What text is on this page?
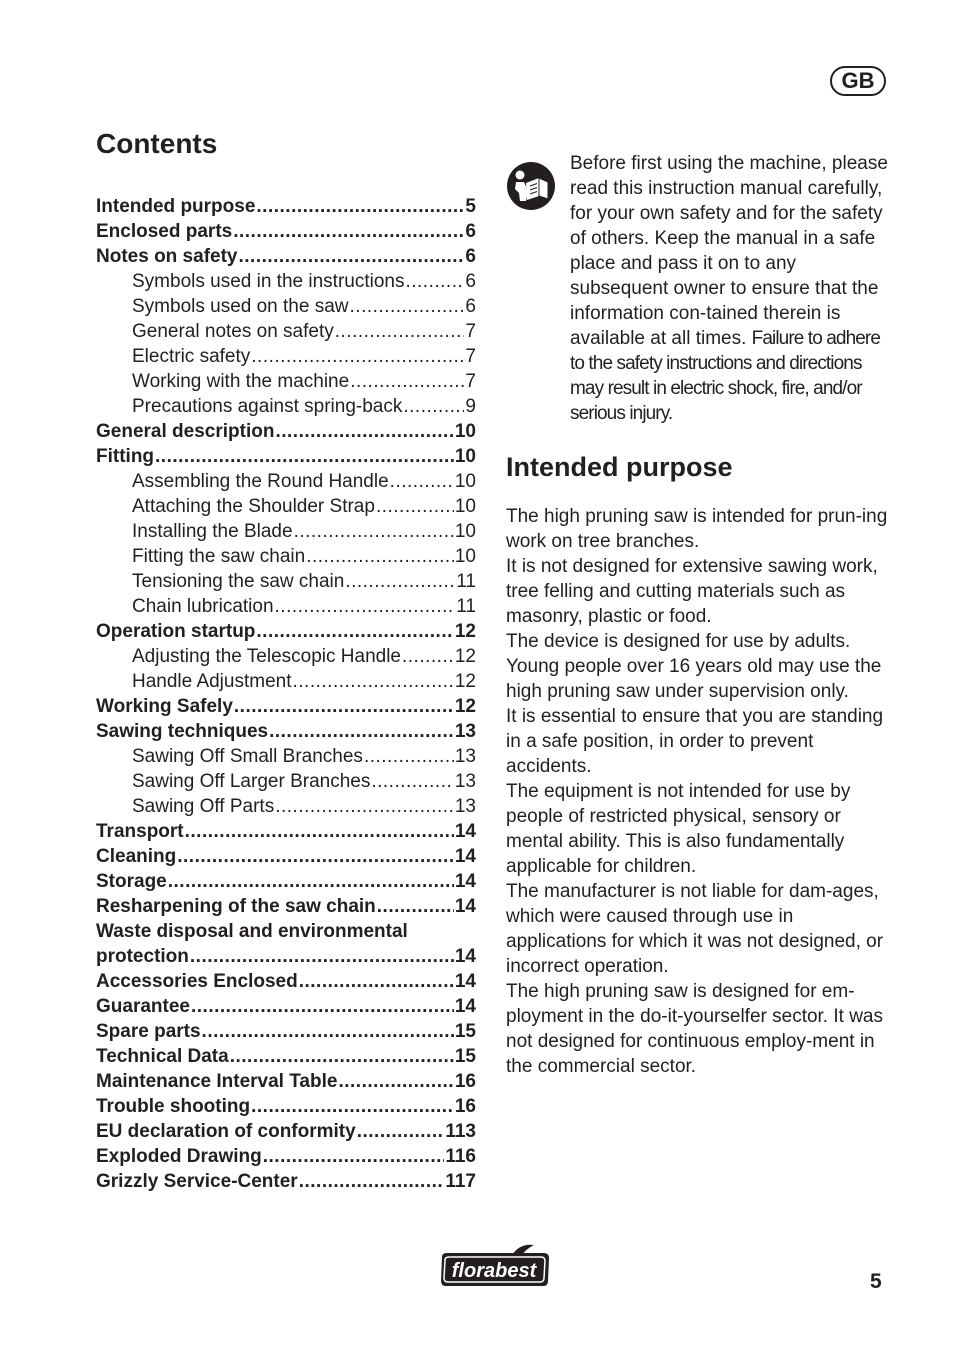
GB
Contents
Intended purpose .....	5
Enclosed parts .....	6
Notes on safety .....	6
Symbols used in the instructions .....	6
Symbols used on the saw .....	6
General notes on safety .....	7
Electric safety .....	7
Working with the machine .....	7
Precautions against spring-back .....	9
General description .....	10
Fitting .....	10
Assembling the Round Handle .....	10
Attaching the Shoulder Strap .....	10
Installing the Blade .....	10
Fitting the saw chain .....	10
Tensioning the saw chain .....	11
Chain lubrication .....	11
Operation startup .....	12
Adjusting the Telescopic Handle .....	12
Handle Adjustment .....	12
Working Safely .....	12
Sawing techniques .....	13
Sawing Off Small Branches .....	13
Sawing Off Larger Branches .....	13
Sawing Off Parts .....	13
Transport .....	14
Cleaning .....	14
Storage .....	14
Resharpening of the saw chain .....	14
Waste disposal and environmental
protection .....	14
Accessories Enclosed .....	14
Guarantee .....	14
Spare parts .....	15
Technical Data .....	15
Maintenance Interval Table .....	16
Trouble shooting .....	16
EU declaration of conformity .....	113
Exploded Drawing .....	116
Grizzly Service-Center .....	117

Before first using the machine, please read this instruction manual carefully, for your own safety and for the safety of others. Keep the manual in a safe place and pass it on to any subsequent owner to ensure that the information con-tained therein is available at all times. Failure to adhere to the safety instructions and directions may result in electric shock, fire, and/or serious injury.

Intended purpose

The high pruning saw is intended for prun-ing work on tree branches.

It is not designed for extensive sawing work, tree felling and cutting materials such as masonry, plastic or food.

The device is designed for use by adults. Young people over 16 years old may use the high pruning saw under supervision only.

It is essential to ensure that you are standing in a safe position, in order to prevent accidents.

The equipment is not intended for use by people of restricted physical, sensory or mental ability. This is also fundamentally applicable for children.

The manufacturer is not liable for dam-ages, which were caused through use in applications for which it was not designed, or incorrect operation.

The high pruning saw is designed for em-ployment in the do-it-yourselfer sector. It was not designed for continuous employ-ment in the commercial sector.

florabest	5
